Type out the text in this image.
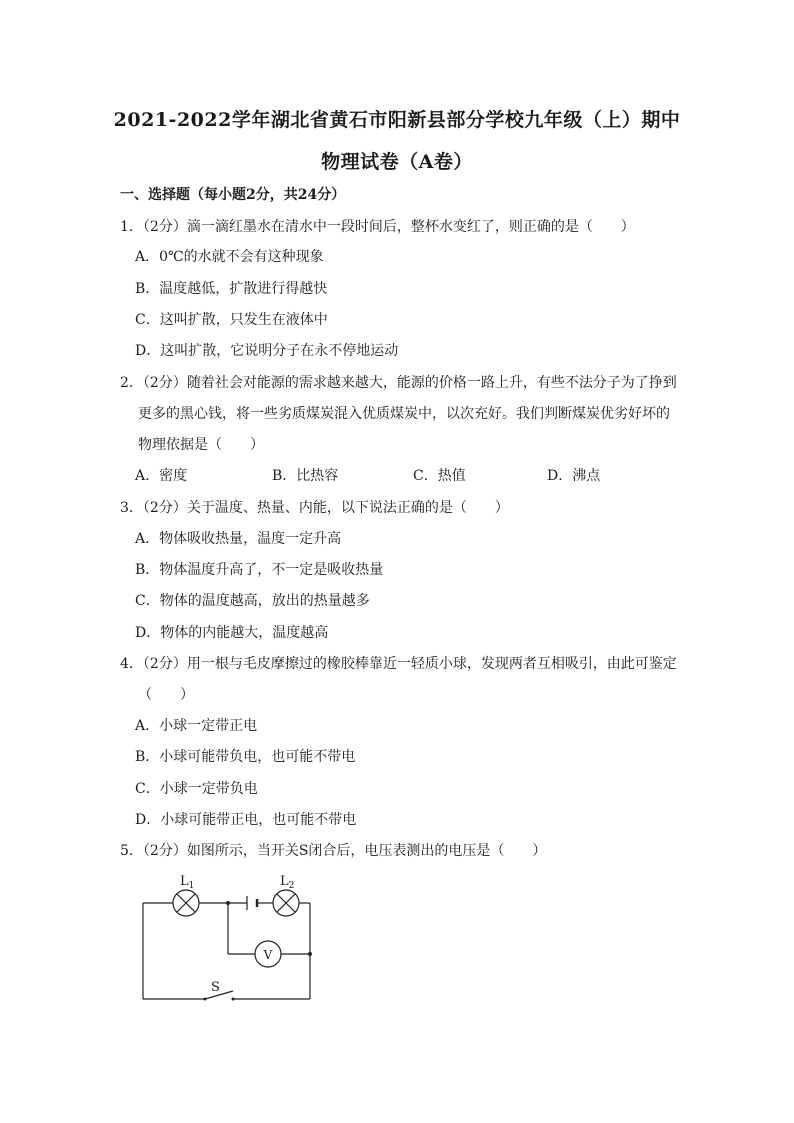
2021-2022学年湖北省黄石市阳新县部分学校九年级（上）期中
物理试卷（A卷）
一、选择题（每小题2分，共24分）
1．（2分）滴一滴红墨水在清水中一段时间后，整杯水变红了，则正确的是（　　）
A．0℃的水就不会有这种现象
B．温度越低，扩散进行得越快
C．这叫扩散，只发生在液体中
D．这叫扩散，它说明分子在永不停地运动
2．（2分）随着社会对能源的需求越来越大，能源的价格一路上升，有些不法分子为了挣到
更多的黑心钱，将一些劣质煤炭混入优质煤炭中，以次充好。我们判断煤炭优劣好坏的
物理依据是（　　）
A．密度	B．比热容	C．热值	D．沸点
3．（2分）关于温度、热量、内能，以下说法正确的是（　　）
A．物体吸收热量，温度一定升高
B．物体温度升高了，不一定是吸收热量
C．物体的温度越高，放出的热量越多
D．物体的内能越大，温度越高
4．（2分）用一根与毛皮摩擦过的橡胶棒靠近一轻质小球，发现两者互相吸引，由此可鉴定
（　　）
A．小球一定带正电
B．小球可能带负电，也可能不带电
C．小球一定带负电
D．小球可能带正电，也可能不带电
5．（2分）如图所示，当开关S闭合后，电压表测出的电压是（　　）
$L_1$	$L_2$
V
S
